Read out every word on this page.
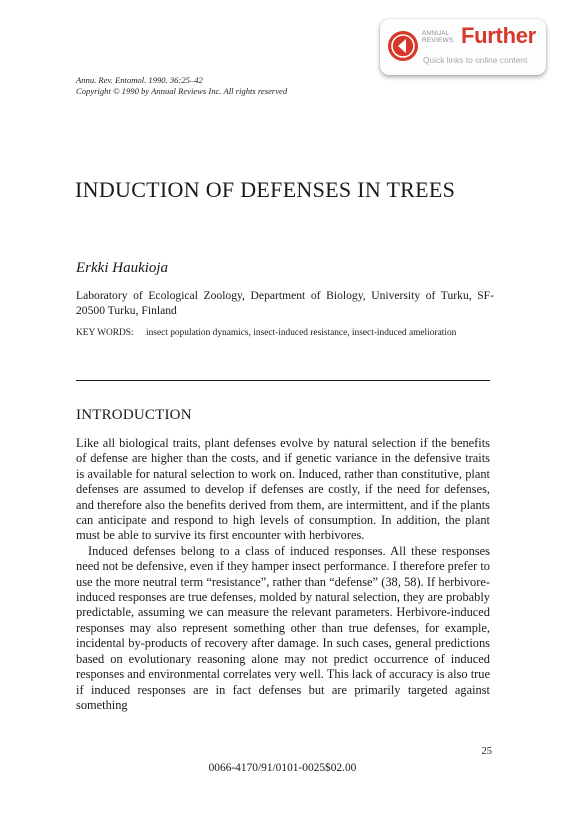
ANNUAL
REVIEWS Further
Quick links to online content
Annu. Rev. Entomol. 1990. 36:25–42
Copyright © 1990 by Annual Reviews Inc. All rights reserved
INDUCTION OF DEFENSES IN TREES
Erkki Haukioja
Laboratory of Ecological Zoology, Department of Biology, University of Turku, SF-20500 Turku, Finland
KEY WORDS: insect population dynamics, insect-induced resistance, insect-induced amelioration
INTRODUCTION

Like all biological traits, plant defenses evolve by natural selection if the benefits of defense are higher than the costs, and if genetic variance in the defensive traits is available for natural selection to work on. Induced, rather than constitutive, plant defenses are assumed to develop if defenses are costly, if the need for defenses, and therefore also the benefits derived from them, are intermittent, and if the plants can anticipate and respond to high levels of consumption. In addition, the plant must be able to survive its first encounter with herbivores.

Induced defenses belong to a class of induced responses. All these responses need not be defensive, even if they hamper insect performance. I therefore prefer to use the more neutral term “resistance”, rather than “defense” (38, 58). If herbivore-induced responses are true defenses, molded by natural selection, they are probably predictable, assuming we can measure the relevant parameters. Herbivore-induced responses may also represent something other than true defenses, for example, incidental by-products of recovery after damage. In such cases, general predictions based on evolutionary reasoning alone may not predict occurrence of induced responses and environmental correlates very well. This lack of accuracy is also true if induced responses are in fact defenses but are primarily targeted against something

25
0066-4170/91/0101-0025$02.00
